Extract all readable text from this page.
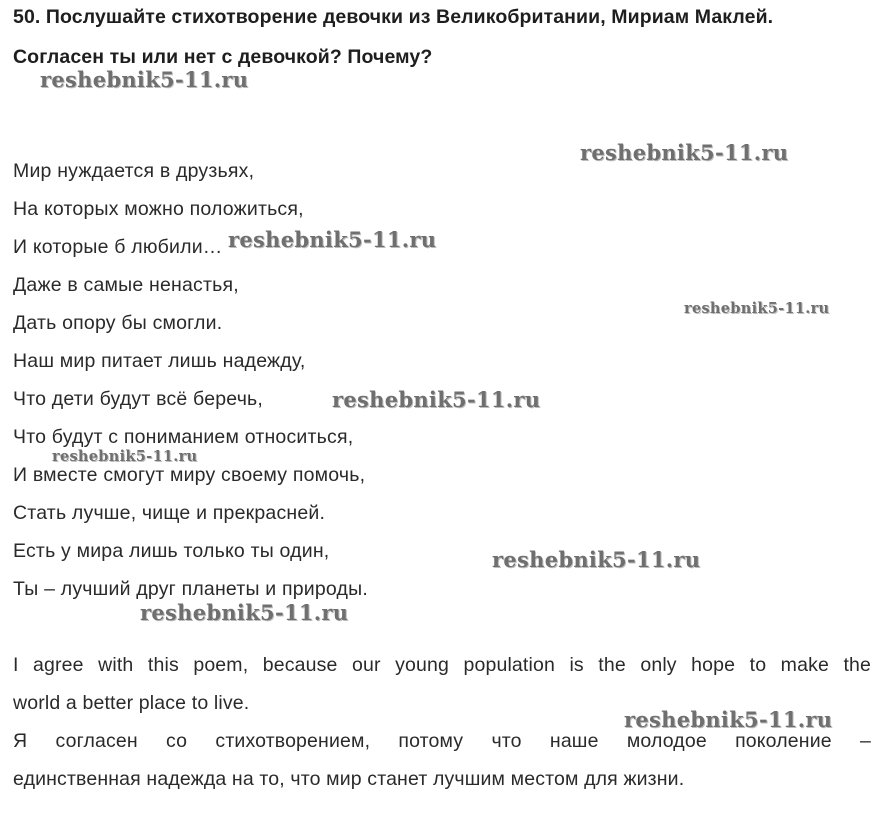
50. Послушайте стихотворение девочки из Великобритании, Мириам Маклей.
Согласен ты или нет с девочкой? Почему?
Мир нуждается в друзьях,
На которых можно положиться,
И которые б любили…
Даже в самые ненастья,
Дать опору бы смогли.
Наш мир питает лишь надежду,
Что дети будут всё беречь,
Что будут с пониманием относиться,
И вместе смогут миру своему помочь,
Стать лучше, чище и прекрасней.
Есть у мира лишь только ты один,
Ты – лучший друг планеты и природы.
I agree with this poem, because our young population is the only hope to make the
world a better place to live.
Я согласен со стихотворением, потому что наше молодое поколение –
единственная надежда на то, что мир станет лучшим местом для жизни.
reshebnik5-11.ru
reshebnik5-11.ru
reshebnik5-11.ru
reshebnik5-11.ru
reshebnik5-11.ru
reshebnik5-11.ru
reshebnik5-11.ru
reshebnik5-11.ru
reshebnik5-11.ru
